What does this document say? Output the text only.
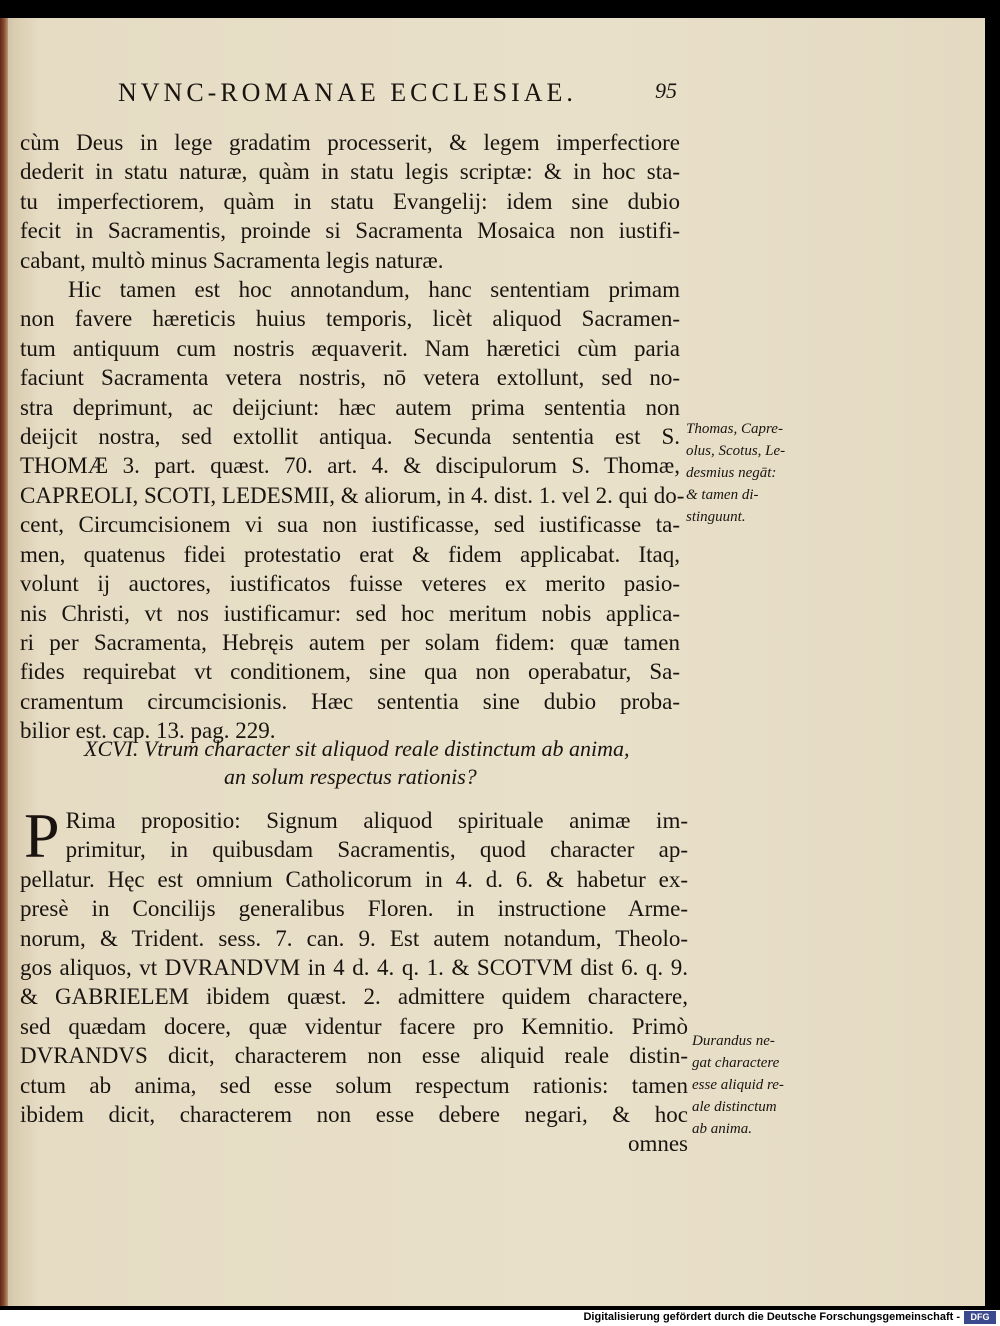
NVNC-ROMANAE ECCLESIAE.	95
cùm Deus in lege gradatim processerit, & legem imperfectiore
dederit in statu naturæ, quàm in statu legis scriptæ: & in hoc sta-
tu imperfectiorem, quàm in statu Evangelij: idem sine dubio
fecit in Sacramentis, proinde si Sacramenta Mosaica non iustifi-
cabant, multò minus Sacramenta legis naturæ.
Hic tamen est hoc annotandum, hanc sententiam primam
non favere hæreticis huius temporis, licèt aliquod Sacramen-
tum antiquum cum nostris æquaverit. Nam hæretici cùm paria
faciunt Sacramenta vetera nostris, nō vetera extollunt, sed no-
stra deprimunt, ac deijciunt: hæc autem prima sententia non
deijcit nostra, sed extollit antiqua. Secunda sententia est S.
THOMÆ 3. part. quæst. 70. art. 4. & discipulorum S. Thomæ,
CAPREOLI, SCOTI, LEDESMII, & aliorum, in 4. dist. 1. vel 2. qui do-
cent, Circumcisionem vi sua non iustificasse, sed iustificasse ta-
men, quatenus fidei protestatio erat & fidem applicabat. Itaq,
volunt ij auctores, iustificatos fuisse veteres ex merito pasio-
nis Christi, vt nos iustificamur: sed hoc meritum nobis applica-
ri per Sacramenta, Hebręis autem per solam fidem: quæ tamen
fides requirebat vt conditionem, sine qua non operabatur, Sa-
cramentum circumcisionis. Hæc sententia sine dubio proba-
bilior est. cap. 13. pag. 229.
XCVI. Vtrum character sit aliquod reale distinctum ab anima,
an solum respectus rationis?
P Rima propositio: Signum aliquod spirituale animæ im-
primitur, in quibusdam Sacramentis, quod character ap-
pellatur. Hęc est omnium Catholicorum in 4. d. 6. & habetur ex-
presè in Concilijs generalibus Floren. in instructione Arme-
norum, & Trident. sess. 7. can. 9. Est autem notandum, Theolo-
gos aliquos, vt DVRANDVM in 4 d. 4. q. 1. & SCOTVM dist 6. q. 9.
& GABRIELEM ibidem quæst. 2. admittere quidem charactere,
sed quædam docere, quæ videntur facere pro Kemnitio. Primò
DVRANDVS dicit, characterem non esse aliquid reale distin-
ctum ab anima, sed esse solum respectum rationis: tamen
ibidem dicit, characterem non esse debere negari, & hoc
omnes
Thomas, Capre-
olus, Scotus, Le-
desmius negāt:
& tamen di-
stinguunt.
Durandus ne-
gat charactere
esse aliquid re-
ale distinctum
ab anima.
Digitalisierung gefördert durch die Deutsche Forschungsgemeinschaft -	DFG
